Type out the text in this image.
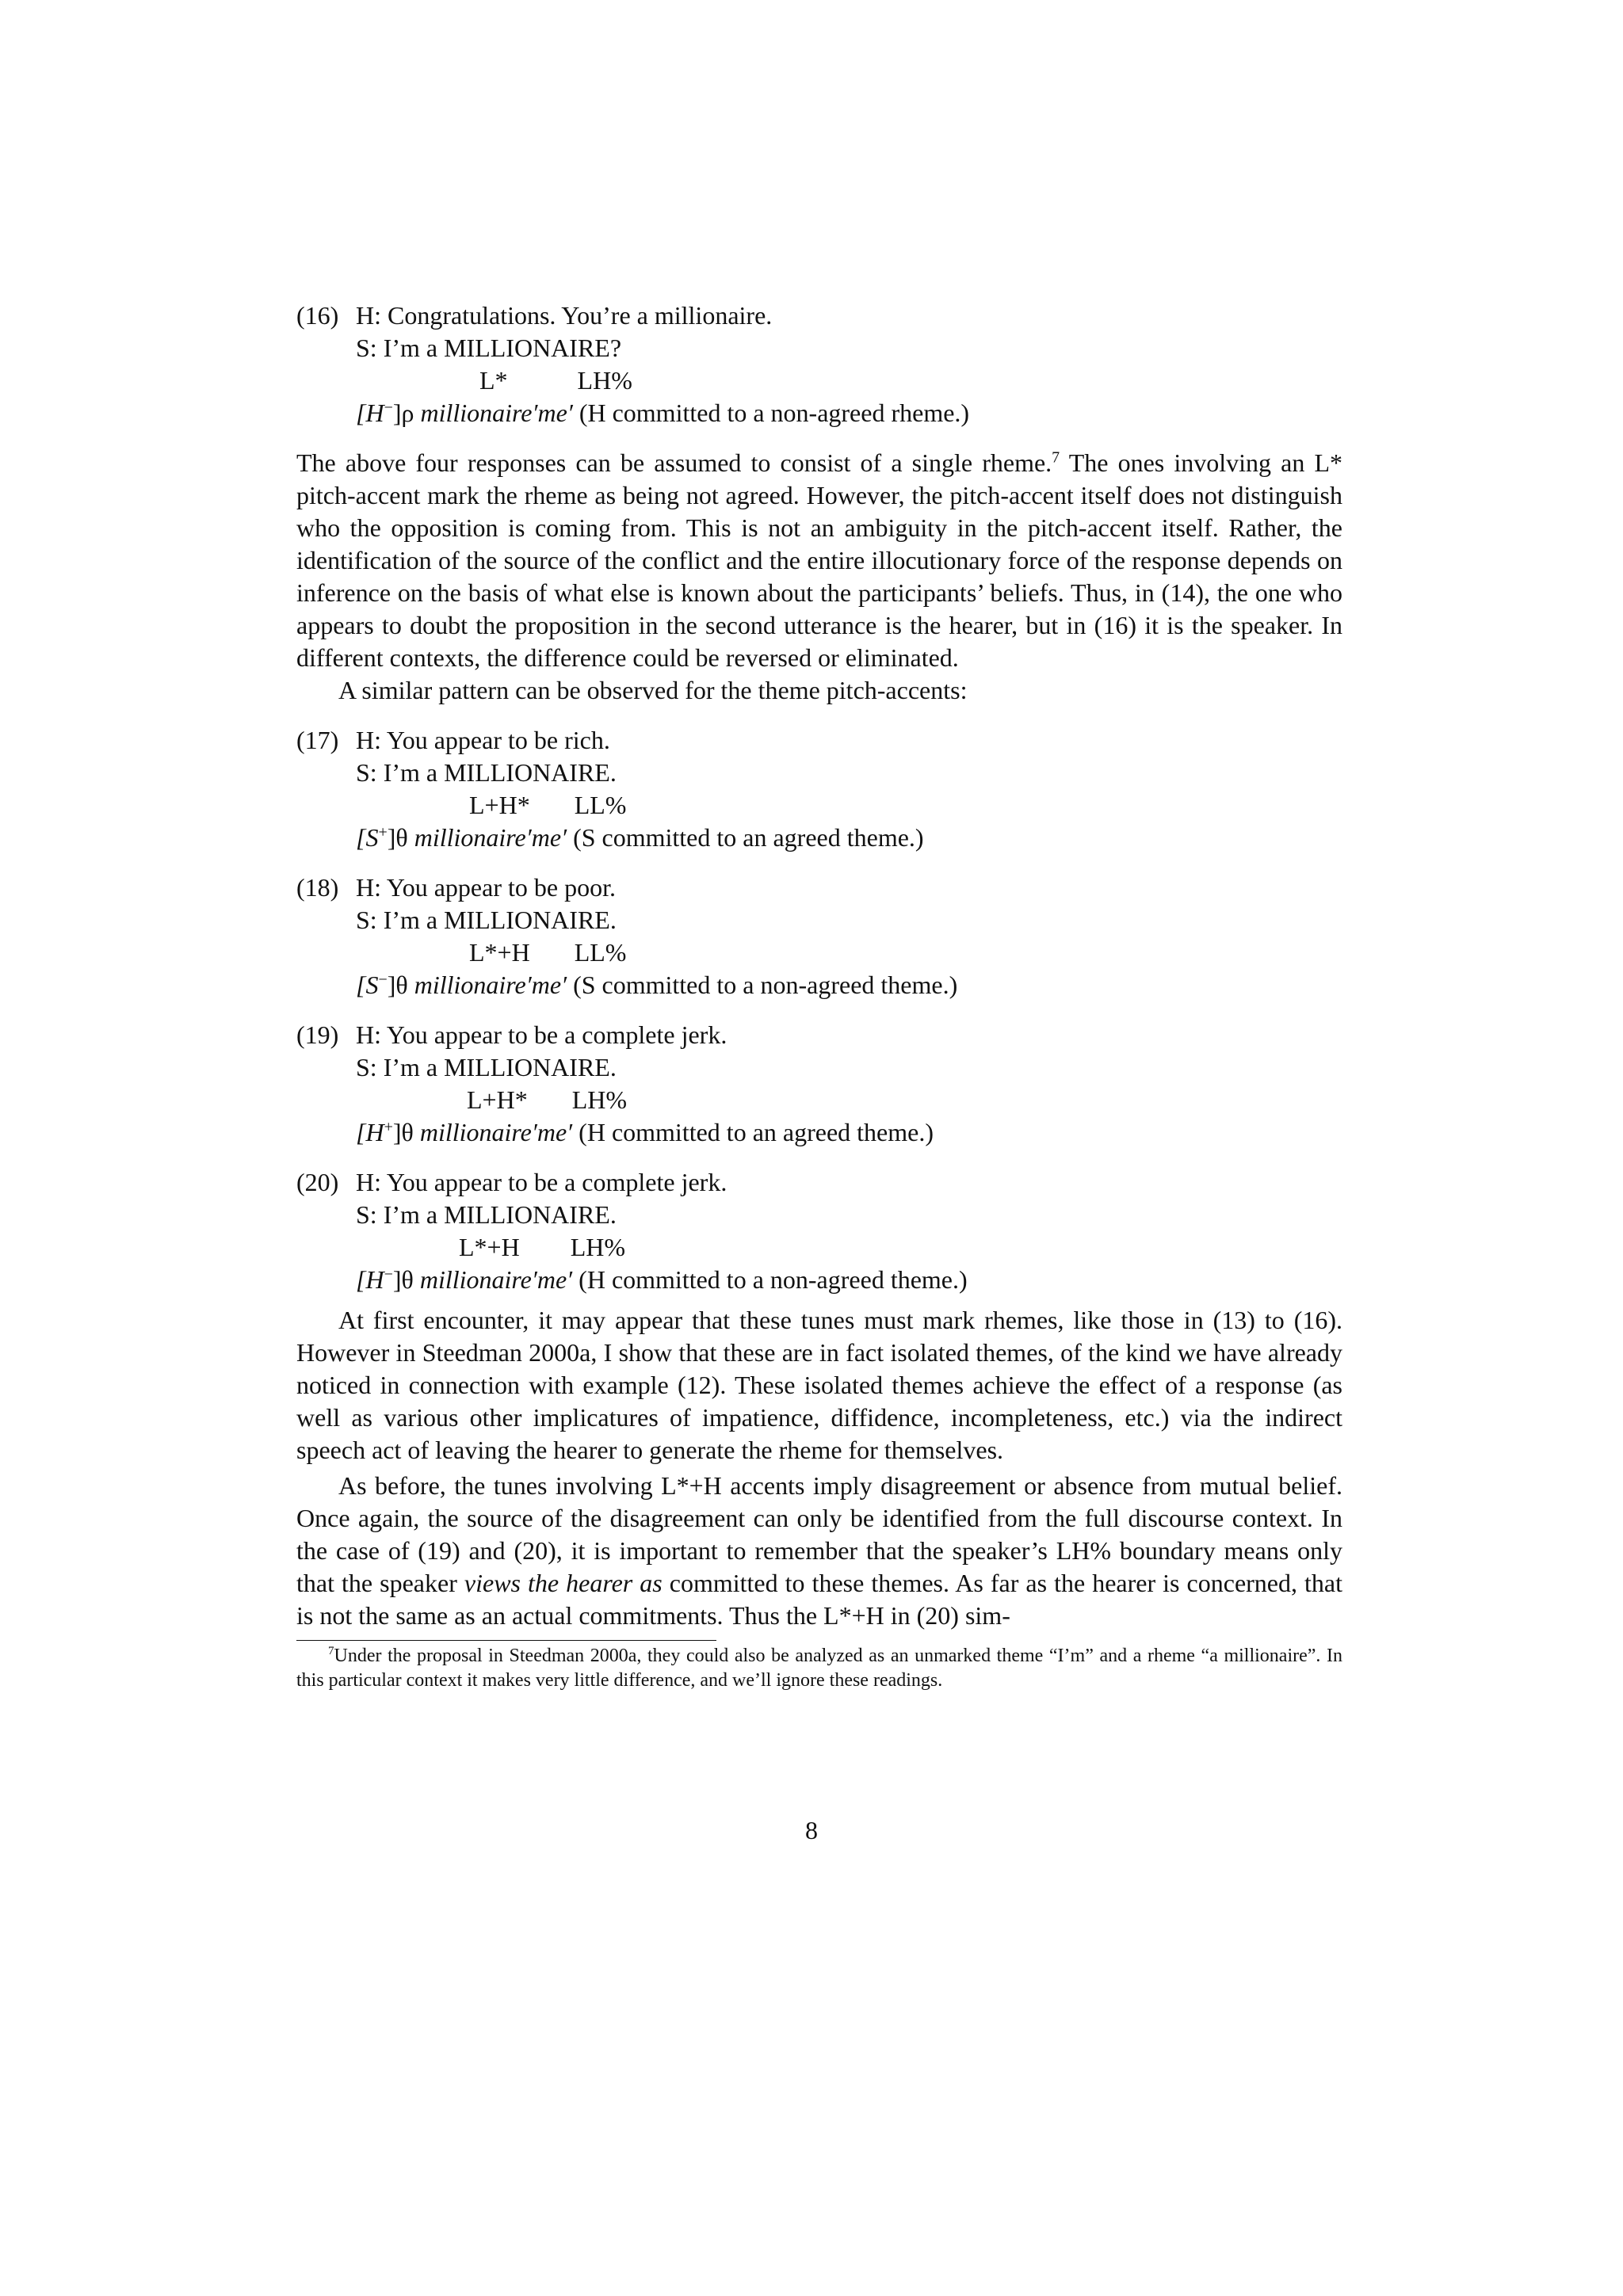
(16) H: Congratulations. You’re a millionaire.
S: I’m a MILLIONAIRE?
L*           LH%
[H−]ρ millionaire′me′ (H committed to a non-agreed rheme.)

The above four responses can be assumed to consist of a single rheme.$^7$ The ones involving an L* pitch-accent mark the rheme as being not agreed. However, the pitch-accent itself does not distinguish who the opposition is coming from. This is not an ambiguity in the pitch-accent itself. Rather, the identification of the source of the conflict and the entire illocutionary force of the response depends on inference on the basis of what else is known about the participants’ beliefs. Thus, in (14), the one who appears to doubt the proposition in the second utterance is the hearer, but in (16) it is the speaker. In different contexts, the difference could be reversed or eliminated.

A similar pattern can be observed for the theme pitch-accents:

(17) H: You appear to be rich.
S: I’m a MILLIONAIRE.
L+H*       LL%
[S+]θ millionaire′me′ (S committed to an agreed theme.)
(18) H: You appear to be poor.
S: I’m a MILLIONAIRE.
L*+H       LL%
[S−]θ millionaire′me′ (S committed to a non-agreed theme.)
(19) H: You appear to be a complete jerk.
S: I’m a MILLIONAIRE.
L+H*       LH%
[H+]θ millionaire′me′ (H committed to an agreed theme.)
(20) H: You appear to be a complete jerk.
S: I’m a MILLIONAIRE.
L*+H        LH%
[H−]θ millionaire′me′ (H committed to a non-agreed theme.)

At first encounter, it may appear that these tunes must mark rhemes, like those in (13) to (16). However in Steedman 2000a, I show that these are in fact isolated themes, of the kind we have already noticed in connection with example (12). These isolated themes achieve the effect of a response (as well as various other implicatures of impatience, diffidence, incompleteness, etc.) via the indirect speech act of leaving the hearer to generate the rheme for themselves.

As before, the tunes involving L*+H accents imply disagreement or absence from mutual belief. Once again, the source of the disagreement can only be identified from the full discourse context. In the case of (19) and (20), it is important to remember that the speaker’s LH% boundary means only that the speaker views the hearer as committed to these themes. As far as the hearer is concerned, that is not the same as an actual commitments. Thus the L*+H in (20) sim-

$^7$Under the proposal in Steedman 2000a, they could also be analyzed as an unmarked theme “I’m” and a rheme “a millionaire”. In this particular context it makes very little difference, and we’ll ignore these readings.
8
